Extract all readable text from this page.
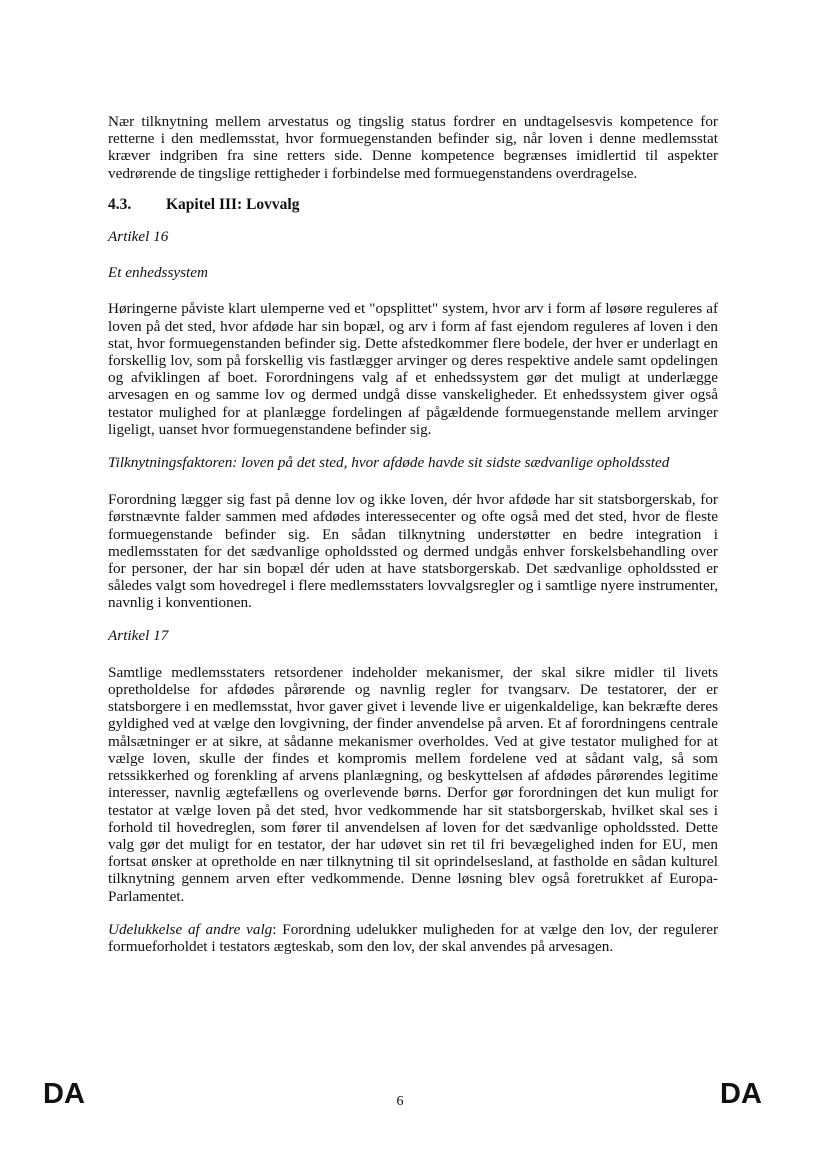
Nær tilknytning mellem arvestatus og tingslig status fordrer en undtagelsesvis kompetence for retterne i den medlemsstat, hvor formuegenstanden befinder sig, når loven i denne medlemsstat kræver indgriben fra sine retters side. Denne kompetence begrænses imidlertid til aspekter vedrørende de tingslige rettigheder i forbindelse med formuegenstandens overdragelse.

4.3. Kapitel III: Lovvalg

Artikel 16

Et enhedssystem

Høringerne påviste klart ulemperne ved et "opsplittet" system, hvor arv i form af løsøre reguleres af loven på det sted, hvor afdøde har sin bopæl, og arv i form af fast ejendom reguleres af loven i den stat, hvor formuegenstanden befinder sig. Dette afstedkommer flere bodele, der hver er underlagt en forskellig lov, som på forskellig vis fastlægger arvinger og deres respektive andele samt opdelingen og afviklingen af boet. Forordningens valg af et enhedssystem gør det muligt at underlægge arvesagen en og samme lov og dermed undgå disse vanskeligheder. Et enhedssystem giver også testator mulighed for at planlægge fordelingen af pågældende formuegenstande mellem arvinger ligeligt, uanset hvor formuegenstandene befinder sig.

Tilknytningsfaktoren: loven på det sted, hvor afdøde havde sit sidste sædvanlige opholdssted

Forordning lægger sig fast på denne lov og ikke loven, dér hvor afdøde har sit statsborgerskab, for førstnævnte falder sammen med afdødes interessecenter og ofte også med det sted, hvor de fleste formuegenstande befinder sig. En sådan tilknytning understøtter en bedre integration i medlemsstaten for det sædvanlige opholdssted og dermed undgås enhver forskelsbehandling over for personer, der har sin bopæl dér uden at have statsborgerskab. Det sædvanlige opholdssted er således valgt som hovedregel i flere medlemsstaters lovvalgsregler og i samtlige nyere instrumenter, navnlig i konventionen.

Artikel 17

Samtlige medlemsstaters retsordener indeholder mekanismer, der skal sikre midler til livets opretholdelse for afdødes pårørende og navnlig regler for tvangsarv. De testatorer, der er statsborgere i en medlemsstat, hvor gaver givet i levende live er uigenkaldelige, kan bekræfte deres gyldighed ved at vælge den lovgivning, der finder anvendelse på arven. Et af forordningens centrale målsætninger er at sikre, at sådanne mekanismer overholdes. Ved at give testator mulighed for at vælge loven, skulle der findes et kompromis mellem fordelene ved at sådant valg, så som retssikkerhed og forenkling af arvens planlægning, og beskyttelsen af afdødes pårørendes legitime interesser, navnlig ægtefællens og overlevende børns. Derfor gør forordningen det kun muligt for testator at vælge loven på det sted, hvor vedkommende har sit statsborgerskab, hvilket skal ses i forhold til hovedreglen, som fører til anvendelsen af loven for det sædvanlige opholdssted. Dette valg gør det muligt for en testator, der har udøvet sin ret til fri bevægelighed inden for EU, men fortsat ønsker at opretholde en nær tilknytning til sit oprindelsesland, at fastholde en sådan kulturel tilknytning gennem arven efter vedkommende. Denne løsning blev også foretrukket af Europa-Parlamentet.

Udelukkelse af andre valg: Forordning udelukker muligheden for at vælge den lov, der regulerer formueforholdet i testators ægteskab, som den lov, der skal anvendes på arvesagen.

DA	6	DA
